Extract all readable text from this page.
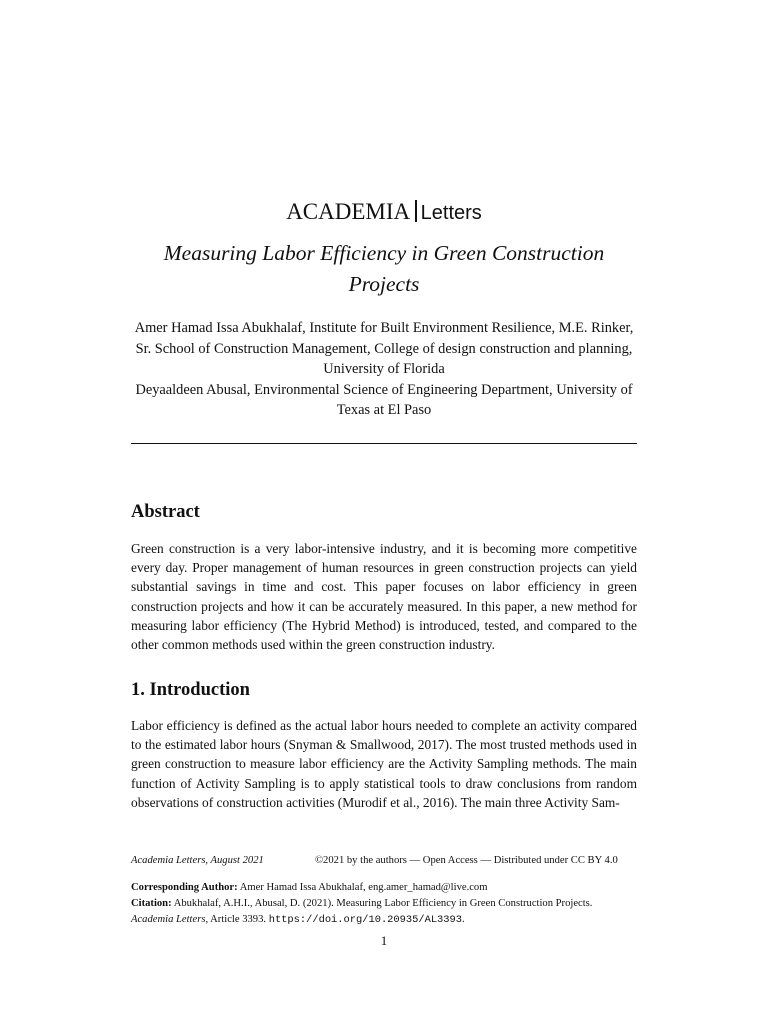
ACADEMIA Letters
Measuring Labor Efficiency in Green Construction Projects

Amer Hamad Issa Abukhalaf, Institute for Built Environment Resilience, M.E. Rinker, Sr. School of Construction Management, College of design construction and planning, University of Florida

Deyaaldeen Abusal, Environmental Science of Engineering Department, University of Texas at El Paso

Abstract

Green construction is a very labor-intensive industry, and it is becoming more competitive every day. Proper management of human resources in green construction projects can yield substantial savings in time and cost. This paper focuses on labor efficiency in green construction projects and how it can be accurately measured. In this paper, a new method for measuring labor efficiency (The Hybrid Method) is introduced, tested, and compared to the other common methods used within the green construction industry.

1. Introduction

Labor efficiency is defined as the actual labor hours needed to complete an activity compared to the estimated labor hours (Snyman & Smallwood, 2017). The most trusted methods used in green construction to measure labor efficiency are the Activity Sampling methods. The main function of Activity Sampling is to apply statistical tools to draw conclusions from random observations of construction activities (Murodif et al., 2016). The main three Activity Sam-

Academia Letters, August 2021	©2021 by the authors — Open Access — Distributed under CC BY 4.0
Corresponding Author: Amer Hamad Issa Abukhalaf, eng.amer_hamad@live.com
Citation: Abukhalaf, A.H.I., Abusal, D. (2021). Measuring Labor Efficiency in Green Construction Projects.
Academia Letters, Article 3393. https://doi.org/10.20935/AL3393.
1
